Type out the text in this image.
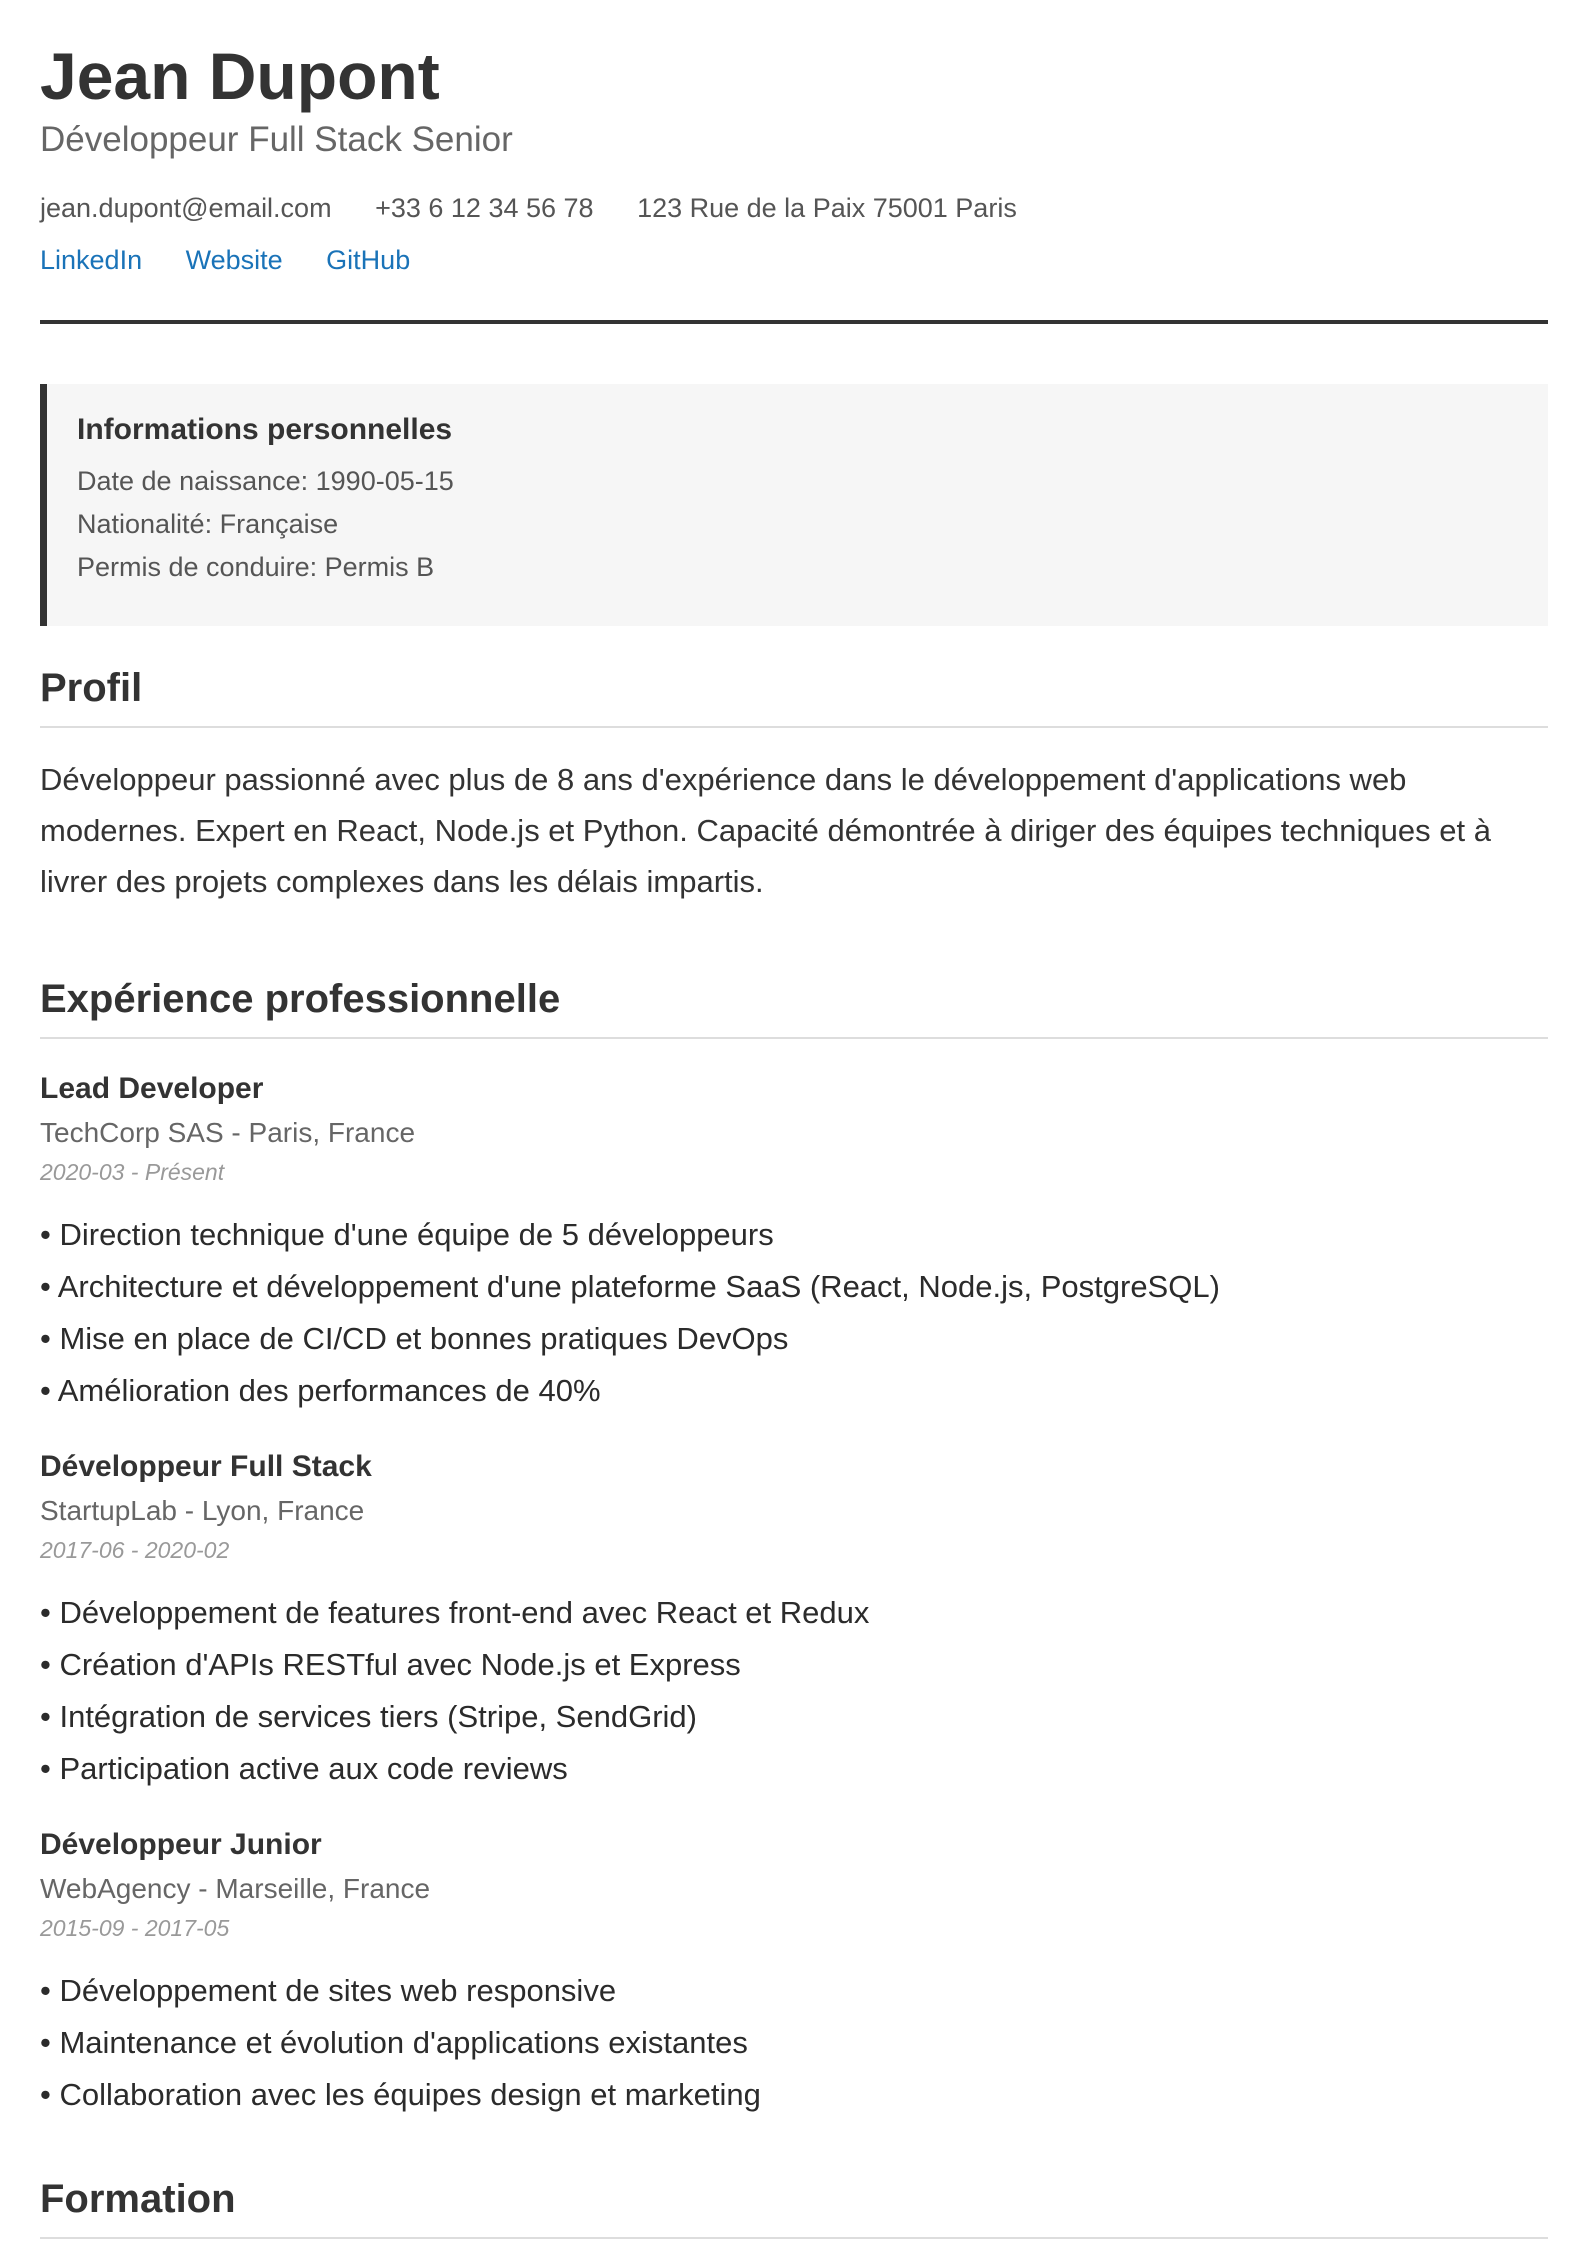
Jean Dupont
Développeur Full Stack Senior
jean.dupont@email.com +33 6 12 34 56 78 123 Rue de la Paix 75001 Paris
LinkedIn Website GitHub
Informations personnelles
Date de naissance: 1990-05-15
Nationalité: Française
Permis de conduire: Permis B
Profil

Développeur passionné avec plus de 8 ans d'expérience dans le développement d'applications web modernes. Expert en React, Node.js et Python. Capacité démontrée à diriger des équipes techniques et à livrer des projets complexes dans les délais impartis.

Expérience professionnelle
Lead Developer
TechCorp SAS - Paris, France
2020-03 - Présent
• Direction technique d'une équipe de 5 développeurs
• Architecture et développement d'une plateforme SaaS (React, Node.js, PostgreSQL)
• Mise en place de CI/CD et bonnes pratiques DevOps
• Amélioration des performances de 40%
Développeur Full Stack
StartupLab - Lyon, France
2017-06 - 2020-02
• Développement de features front-end avec React et Redux
• Création d'APIs RESTful avec Node.js et Express
• Intégration de services tiers (Stripe, SendGrid)
• Participation active aux code reviews
Développeur Junior
WebAgency - Marseille, France
2015-09 - 2017-05
• Développement de sites web responsive
• Maintenance et évolution d'applications existantes
• Collaboration avec les équipes design et marketing
Formation
